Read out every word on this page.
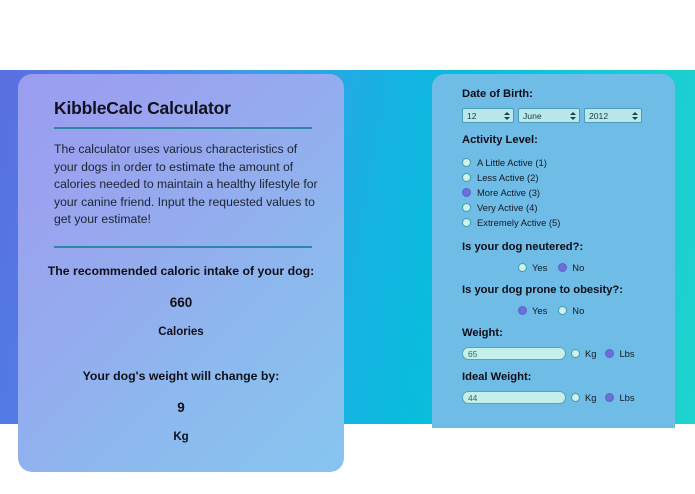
KibbleCalc Calculator

The calculator uses various characteristics of your dogs in order to estimate the amount of calories needed to maintain a healthy lifestyle for your canine friend. Input the requested values to get your estimate!

The recommended caloric intake of your dog:

660

Calories

Your dog's weight will change by:

9

Kg

Date of Birth:

12	June	2012

Activity Level:

A Little Active (1)
Less Active (2)
More Active (3)
Very Active (4)
Extremely Active (5)

Is your dog neutered?:

Yes	No

Is your dog prone to obesity?:

Yes	No

Weight:

65	Kg Lbs

Ideal Weight:

44	Kg Lbs
